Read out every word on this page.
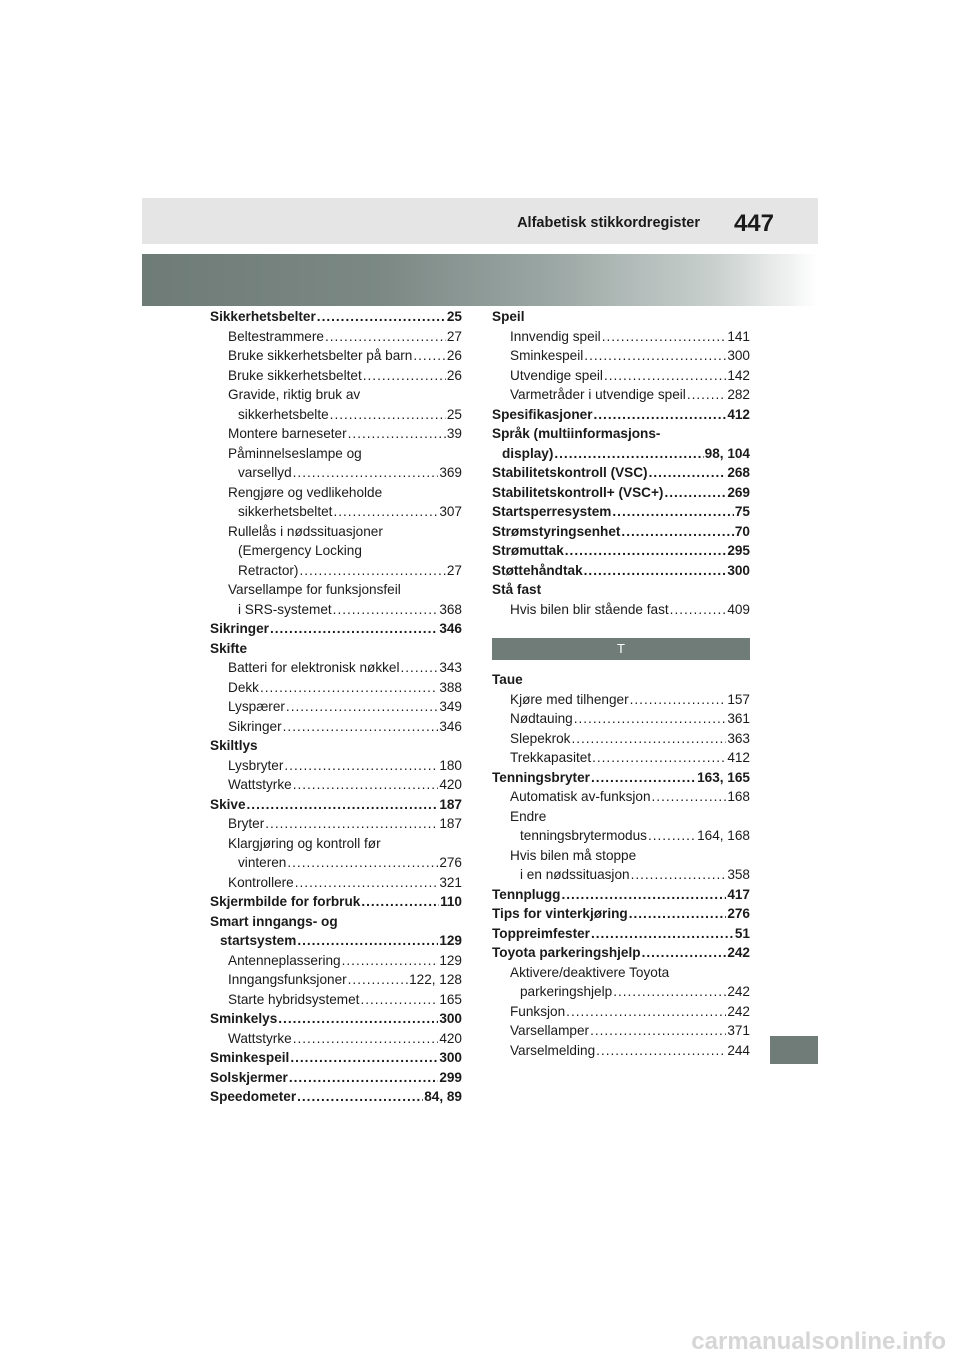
Alfabetisk stikkordregister 447
Sikkerhetsbelter .....	25
Beltestrammere .....	27
Bruke sikkerhetsbelter på barn .....	26
Bruke sikkerhetsbeltet .....	26
Gravide, riktig bruk av
sikkerhetsbelte .....	25
Montere barneseter .....	39
Påminnelseslampe og
varsellyd .....	369
Rengjøre og vedlikeholde
sikkerhetsbeltet .....	307
Rullelås i nødssituasjoner
(Emergency Locking
Retractor) .....	27
Varsellampe for funksjonsfeil
i SRS-systemet .....	368
Sikringer .....	346
Skifte
Batteri for elektronisk nøkkel .....	343
Dekk .....	388
Lyspærer .....	349
Sikringer .....	346
Skiltlys
Lysbryter .....	180
Wattstyrke .....	420
Skive .....	187
Bryter .....	187
Klargjøring og kontroll før
vinteren .....	276
Kontrollere .....	321
Skjermbilde for forbruk .....	110
Smart inngangs- og
startsystem .....	129
Antenneplassering .....	129
Inngangsfunksjoner .....	122, 128
Starte hybridsystemet .....	165
Sminkelys .....	300
Wattstyrke .....	420
Sminkespeil .....	300
Solskjermer .....	299
Speedometer .....	84, 89
Speil
Innvendig speil .....	141
Sminkespeil .....	300
Utvendige speil .....	142
Varmetråder i utvendige speil .....	282
Spesifikasjoner .....	412
Språk (multiinformasjons-
display) .....	98, 104
Stabilitetskontroll (VSC) .....	268
Stabilitetskontroll+ (VSC+) .....	269
Startsperresystem .....	75
Strømstyringsenhet .....	70
Strømuttak .....	295
Støttehåndtak .....	300
Stå fast
Hvis bilen blir stående fast .....	409
T
Taue
Kjøre med tilhenger .....	157
Nødtauing .....	361
Slepekrok .....	363
Trekkapasitet .....	412
Tenningsbryter .....	163, 165
Automatisk av-funksjon .....	168
Endre
tenningsbrytermodus .....	164, 168
Hvis bilen må stoppe
i en nødssituasjon .....	358
Tennplugg .....	417
Tips for vinterkjøring .....	276
Toppreimfester .....	51
Toyota parkeringshjelp .....	242
Aktivere/deaktivere Toyota
parkeringshjelp .....	242
Funksjon .....	242
Varsellamper .....	371
Varselmelding .....	244
carmanualsonline.info
